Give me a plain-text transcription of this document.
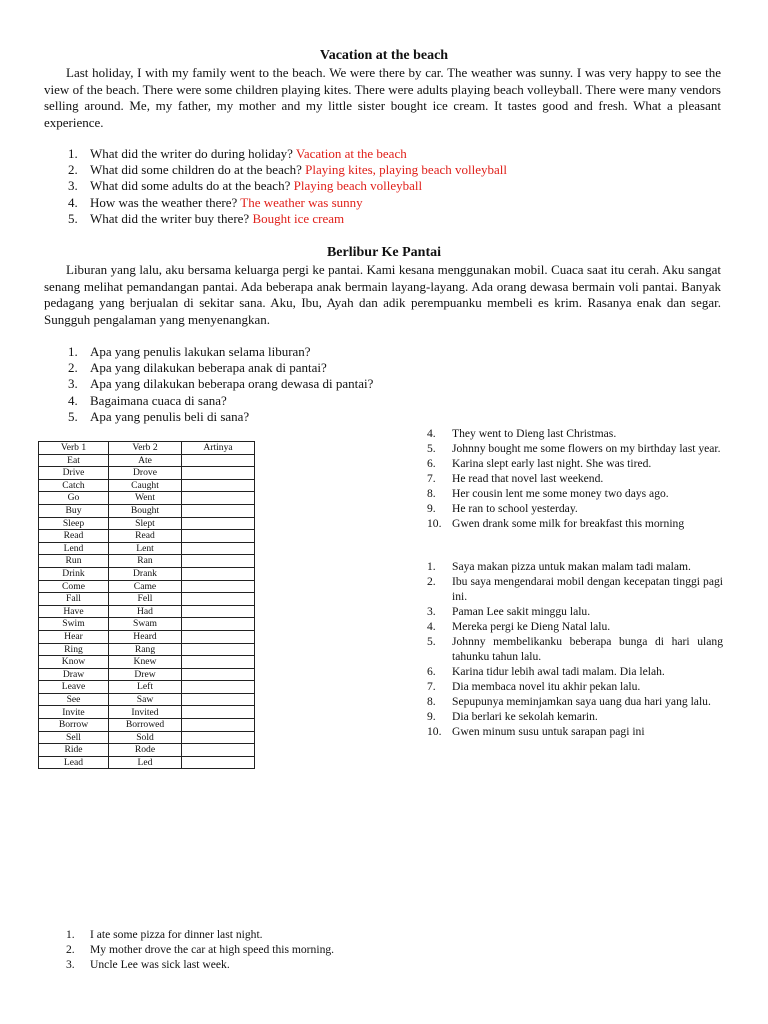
Vacation at the beach
Last holiday, I with my family went to the beach. We were there by car. The weather was sunny. I was very happy to see the view of the beach. There were some children playing kites. There were adults playing beach volleyball. There were many vendors selling around. Me, my father, my mother and my little sister bought ice cream. It tastes good and fresh. What a pleasant experience.
1. What did the writer do during holiday? Vacation at the beach
2. What did some children do at the beach? Playing kites, playing beach volleyball
3. What did some adults do at the beach? Playing beach volleyball
4. How was the weather there? The weather was sunny
5. What did the writer buy there? Bought ice cream
Berlibur Ke Pantai
Liburan yang lalu, aku bersama keluarga pergi ke pantai. Kami kesana menggunakan mobil. Cuaca saat itu cerah. Aku sangat senang melihat pemandangan pantai. Ada beberapa anak bermain layang-layang. Ada orang dewasa bermain voli pantai. Banyak pedagang yang berjualan di sekitar sana. Aku, Ibu, Ayah dan adik perempuanku membeli es krim. Rasanya enak dan segar. Sungguh pengalaman yang menyenangkan.
1. Apa yang penulis lakukan selama liburan?
2. Apa yang dilakukan beberapa anak di pantai?
3. Apa yang dilakukan beberapa orang dewasa di pantai?
4. Bagaimana cuaca di sana?
5. Apa yang penulis beli di sana?
Verb 1	Verb 2	Artinya
Eat	Ate	
Drive	Drove	
Catch	Caught	
Go	Went	
Buy	Bought	
Sleep	Slept	
Read	Read	
Lend	Lent	
Run	Ran	
Drink	Drank	
Come	Came	
Fall	Fell	
Have	Had	
Swim	Swam	
Hear	Heard	
Ring	Rang	
Know	Knew	
Draw	Drew	
Leave	Left	
See	Saw	
Invite	Invited	
Borrow	Borrowed	
Sell	Sold	
Ride	Rode	
Lead	Led	
4. They went to Dieng last Christmas.
5. Johnny bought me some flowers on my birthday last year.
6. Karina slept early last night. She was tired.
7. He read that novel last weekend.
8. Her cousin lent me some money two days ago.
9. He ran to school yesterday.
10. Gwen drank some milk for breakfast this morning
1. Saya makan pizza untuk makan malam tadi malam.
2. Ibu saya mengendarai mobil dengan kecepatan tinggi pagi ini.
3. Paman Lee sakit minggu lalu.
4. Mereka pergi ke Dieng Natal lalu.
5. Johnny membelikanku beberapa bunga di hari ulang tahunku tahun lalu.
6. Karina tidur lebih awal tadi malam. Dia lelah.
7. Dia membaca novel itu akhir pekan lalu.
8. Sepupunya meminjamkan saya uang dua hari yang lalu.
9. Dia berlari ke sekolah kemarin.
10. Gwen minum susu untuk sarapan pagi ini
1. I ate some pizza for dinner last night.
2. My mother drove the car at high speed this morning.
3. Uncle Lee was sick last week.
